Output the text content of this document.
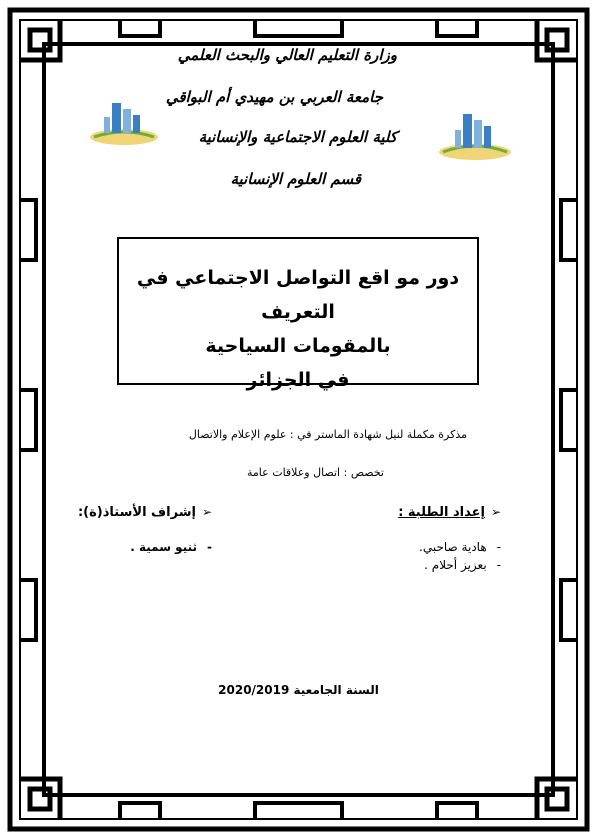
وزارة التعليم العالي والبحث العلمي
جامعة العربي بن مهيدي أم البواقي
كلية العلوم الاجتماعية والإنسانية
قسم العلوم الإنسانية
دور مو اقع التواصل الاجتماعي في التعريف
بالمقومات السياحية
في الجزائر
مذكرة مكملة لنيل شهادة الماستر في : علوم الإعلام والاتصال
تخصص : اتصال وعلاقات عامة
➢إعداد الطلبة :
-هادية صاحبي.
-بعزيز أحلام .
➢إشراف الأستاذ(ة):
-ثنيو سمية .
السنة الجامعية 2020/2019
